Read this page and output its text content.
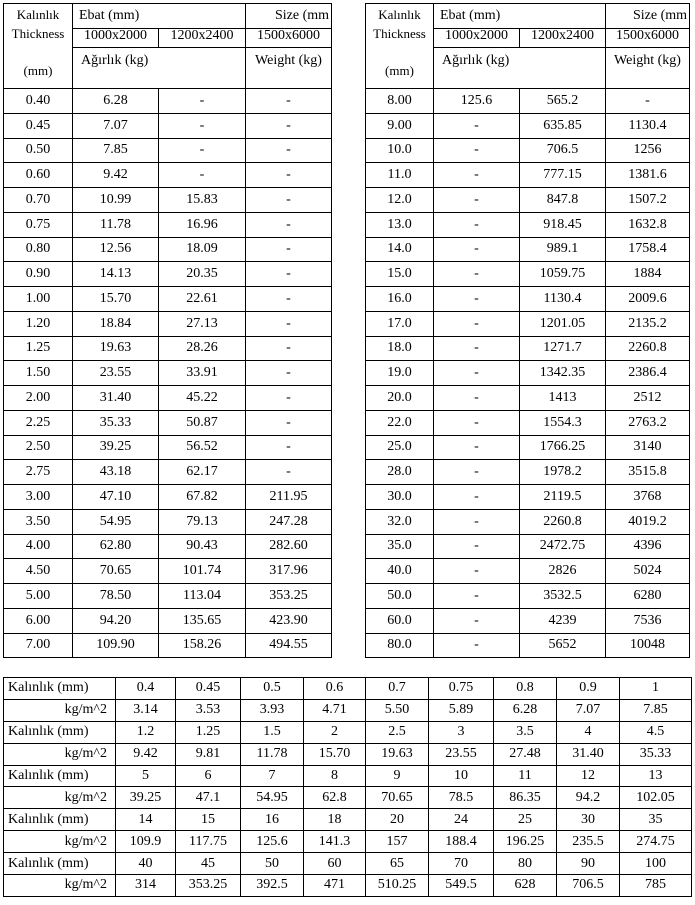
Kalınlık
Thickness
(mm)	Ebat (mm)		Size (mm
	1000x2000	1200x2400	1500x6000
	Ağırlık (kg)		Weight (kg)
0.40	6.28	-	-
0.45	7.07	-	-
0.50	7.85	-	-
0.60	9.42	-	-
0.70	10.99	15.83	-
0.75	11.78	16.96	-
0.80	12.56	18.09	-
0.90	14.13	20.35	-
1.00	15.70	22.61	-
1.20	18.84	27.13	-
1.25	19.63	28.26	-
1.50	23.55	33.91	-
2.00	31.40	45.22	-
2.25	35.33	50.87	-
2.50	39.25	56.52	-
2.75	43.18	62.17	-
3.00	47.10	67.82	211.95
3.50	54.95	79.13	247.28
4.00	62.80	90.43	282.60
4.50	70.65	101.74	317.96
5.00	78.50	113.04	353.25
6.00	94.20	135.65	423.90
7.00	109.90	158.26	494.55
Kalınlık
Thickness
(mm)	Ebat (mm)		Size (mm
	1000x2000	1200x2400	1500x6000
	Ağırlık (kg)		Weight (kg)
8.00	125.6	565.2	-
9.00	-	635.85	1130.4
10.0	-	706.5	1256
11.0	-	777.15	1381.6
12.0	-	847.8	1507.2
13.0	-	918.45	1632.8
14.0	-	989.1	1758.4
15.0	-	1059.75	1884
16.0	-	1130.4	2009.6
17.0	-	1201.05	2135.2
18.0	-	1271.7	2260.8
19.0	-	1342.35	2386.4
20.0	-	1413	2512
22.0	-	1554.3	2763.2
25.0	-	1766.25	3140
28.0	-	1978.2	3515.8
30.0	-	2119.5	3768
32.0	-	2260.8	4019.2
35.0	-	2472.75	4396
40.0	-	2826	5024
50.0	-	3532.5	6280
60.0	-	4239	7536
80.0	-	5652	10048
Kalınlık (mm)	0.4	0.45	0.5	0.6	0.7	0.75	0.8	0.9	1
kg/m^2	3.14	3.53	3.93	4.71	5.50	5.89	6.28	7.07	7.85
Kalınlık (mm)	1.2	1.25	1.5	2	2.5	3	3.5	4	4.5
kg/m^2	9.42	9.81	11.78	15.70	19.63	23.55	27.48	31.40	35.33
Kalınlık (mm)	5	6	7	8	9	10	11	12	13
kg/m^2	39.25	47.1	54.95	62.8	70.65	78.5	86.35	94.2	102.05
Kalınlık (mm)	14	15	16	18	20	24	25	30	35
kg/m^2	109.9	117.75	125.6	141.3	157	188.4	196.25	235.5	274.75
Kalınlık (mm)	40	45	50	60	65	70	80	90	100
kg/m^2	314	353.25	392.5	471	510.25	549.5	628	706.5	785
